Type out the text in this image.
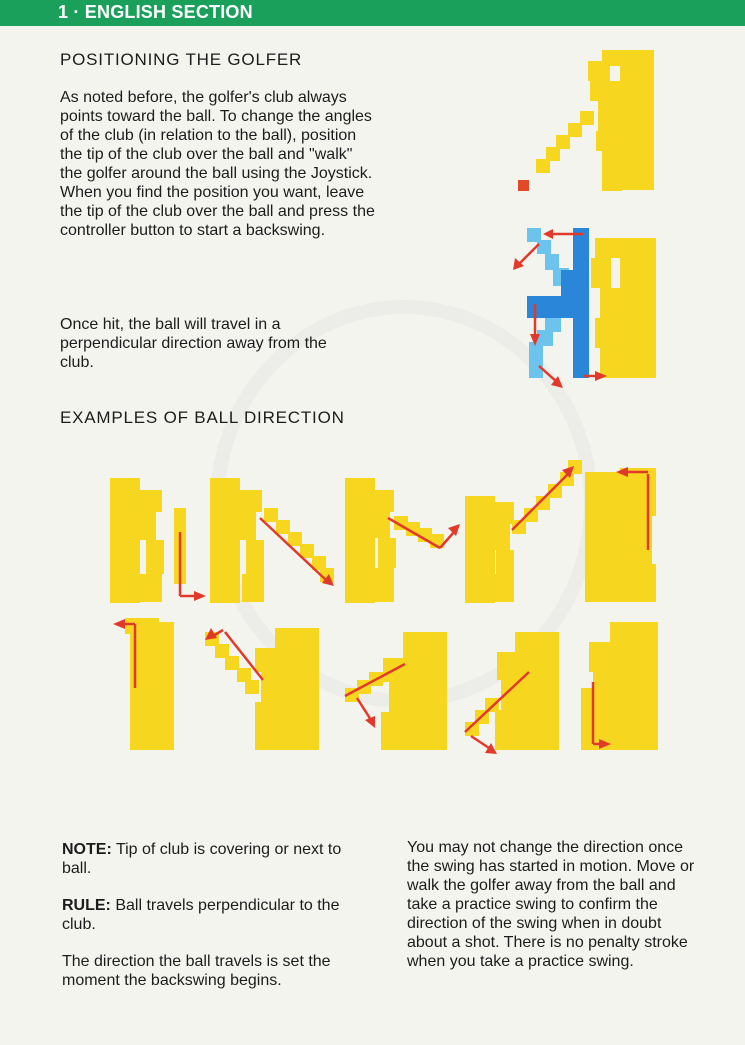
1 · ENGLISH SECTION
POSITIONING THE GOLFER

As noted before, the golfer's club always points toward the ball. To change the angles of the club (in relation to the ball), position the tip of the club over the ball and "walk" the golfer around the ball using the Joystick. When you find the position you want, leave the tip of the club over the ball and press the controller button to start a backswing.

Once hit, the ball will travel in a perpendicular direction away from the club.

EXAMPLES OF BALL DIRECTION

NOTE: Tip of club is covering or next to ball.

RULE: Ball travels perpendicular to the club.

The direction the ball travels is set the moment the backswing begins.

You may not change the direction once the swing has started in motion. Move or walk the golfer away from the ball and take a practice swing to confirm the direction of the swing when in doubt about a shot. There is no penalty stroke when you take a practice swing.
